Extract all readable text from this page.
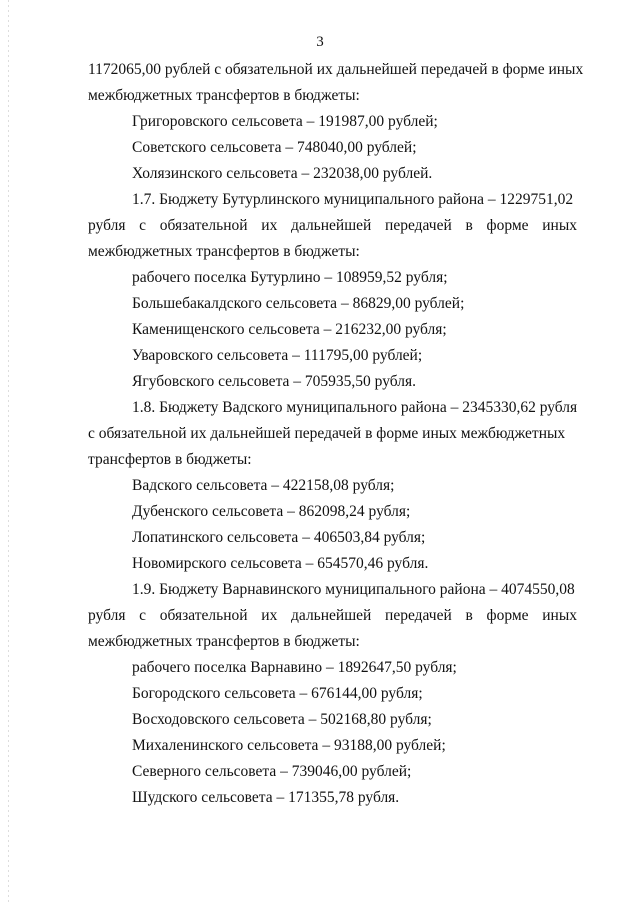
3
1172065,00 рублей с обязательной их дальнейшей передачей в форме иных
межбюджетных трансфертов в бюджеты:
Григоровского сельсовета – 191987,00 рублей;
Советского сельсовета – 748040,00 рублей;
Холязинского сельсовета – 232038,00 рублей.
1.7. Бюджету Бутурлинского муниципального района – 1229751,02
рубля с обязательной их дальнейшей передачей в форме иных
межбюджетных трансфертов в бюджеты:
рабочего поселка Бутурлино – 108959,52 рубля;
Большебакалдского сельсовета – 86829,00 рублей;
Каменищенского сельсовета – 216232,00 рубля;
Уваровского сельсовета – 111795,00 рублей;
Ягубовского сельсовета – 705935,50 рубля.
1.8. Бюджету Вадского муниципального района – 2345330,62 рубля
с обязательной их дальнейшей передачей в форме иных межбюджетных
трансфертов в бюджеты:
Вадского сельсовета – 422158,08 рубля;
Дубенского сельсовета – 862098,24 рубля;
Лопатинского сельсовета – 406503,84 рубля;
Новомирского сельсовета – 654570,46 рубля.
1.9. Бюджету Варнавинского муниципального района – 4074550,08
рубля с обязательной их дальнейшей передачей в форме иных
межбюджетных трансфертов в бюджеты:
рабочего поселка Варнавино – 1892647,50 рубля;
Богородского сельсовета – 676144,00 рубля;
Восходовского сельсовета – 502168,80 рубля;
Михаленинского сельсовета – 93188,00 рублей;
Северного сельсовета – 739046,00 рублей;
Шудского сельсовета – 171355,78 рубля.
